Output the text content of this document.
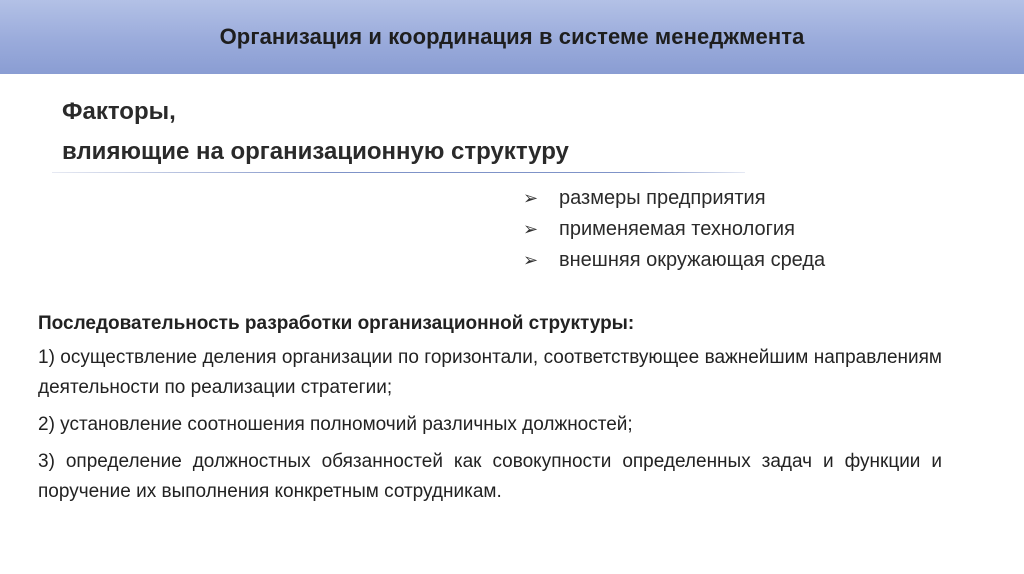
Организация и координация в системе менеджмента
Факторы,
влияющие на организационную структуру
➢	размеры предприятия
➢	применяемая технология
➢	внешняя окружающая среда
Последовательность разработки организационной структуры:
1) осуществление деления организации по горизонтали, соответствующее важнейшим направлениям деятельности по реализации стратегии;
2) установление соотношения полномочий различных должностей;
3) определение должностных обязанностей как совокупности определенных задач и функции и поручение их выполнения конкретным сотрудникам.
